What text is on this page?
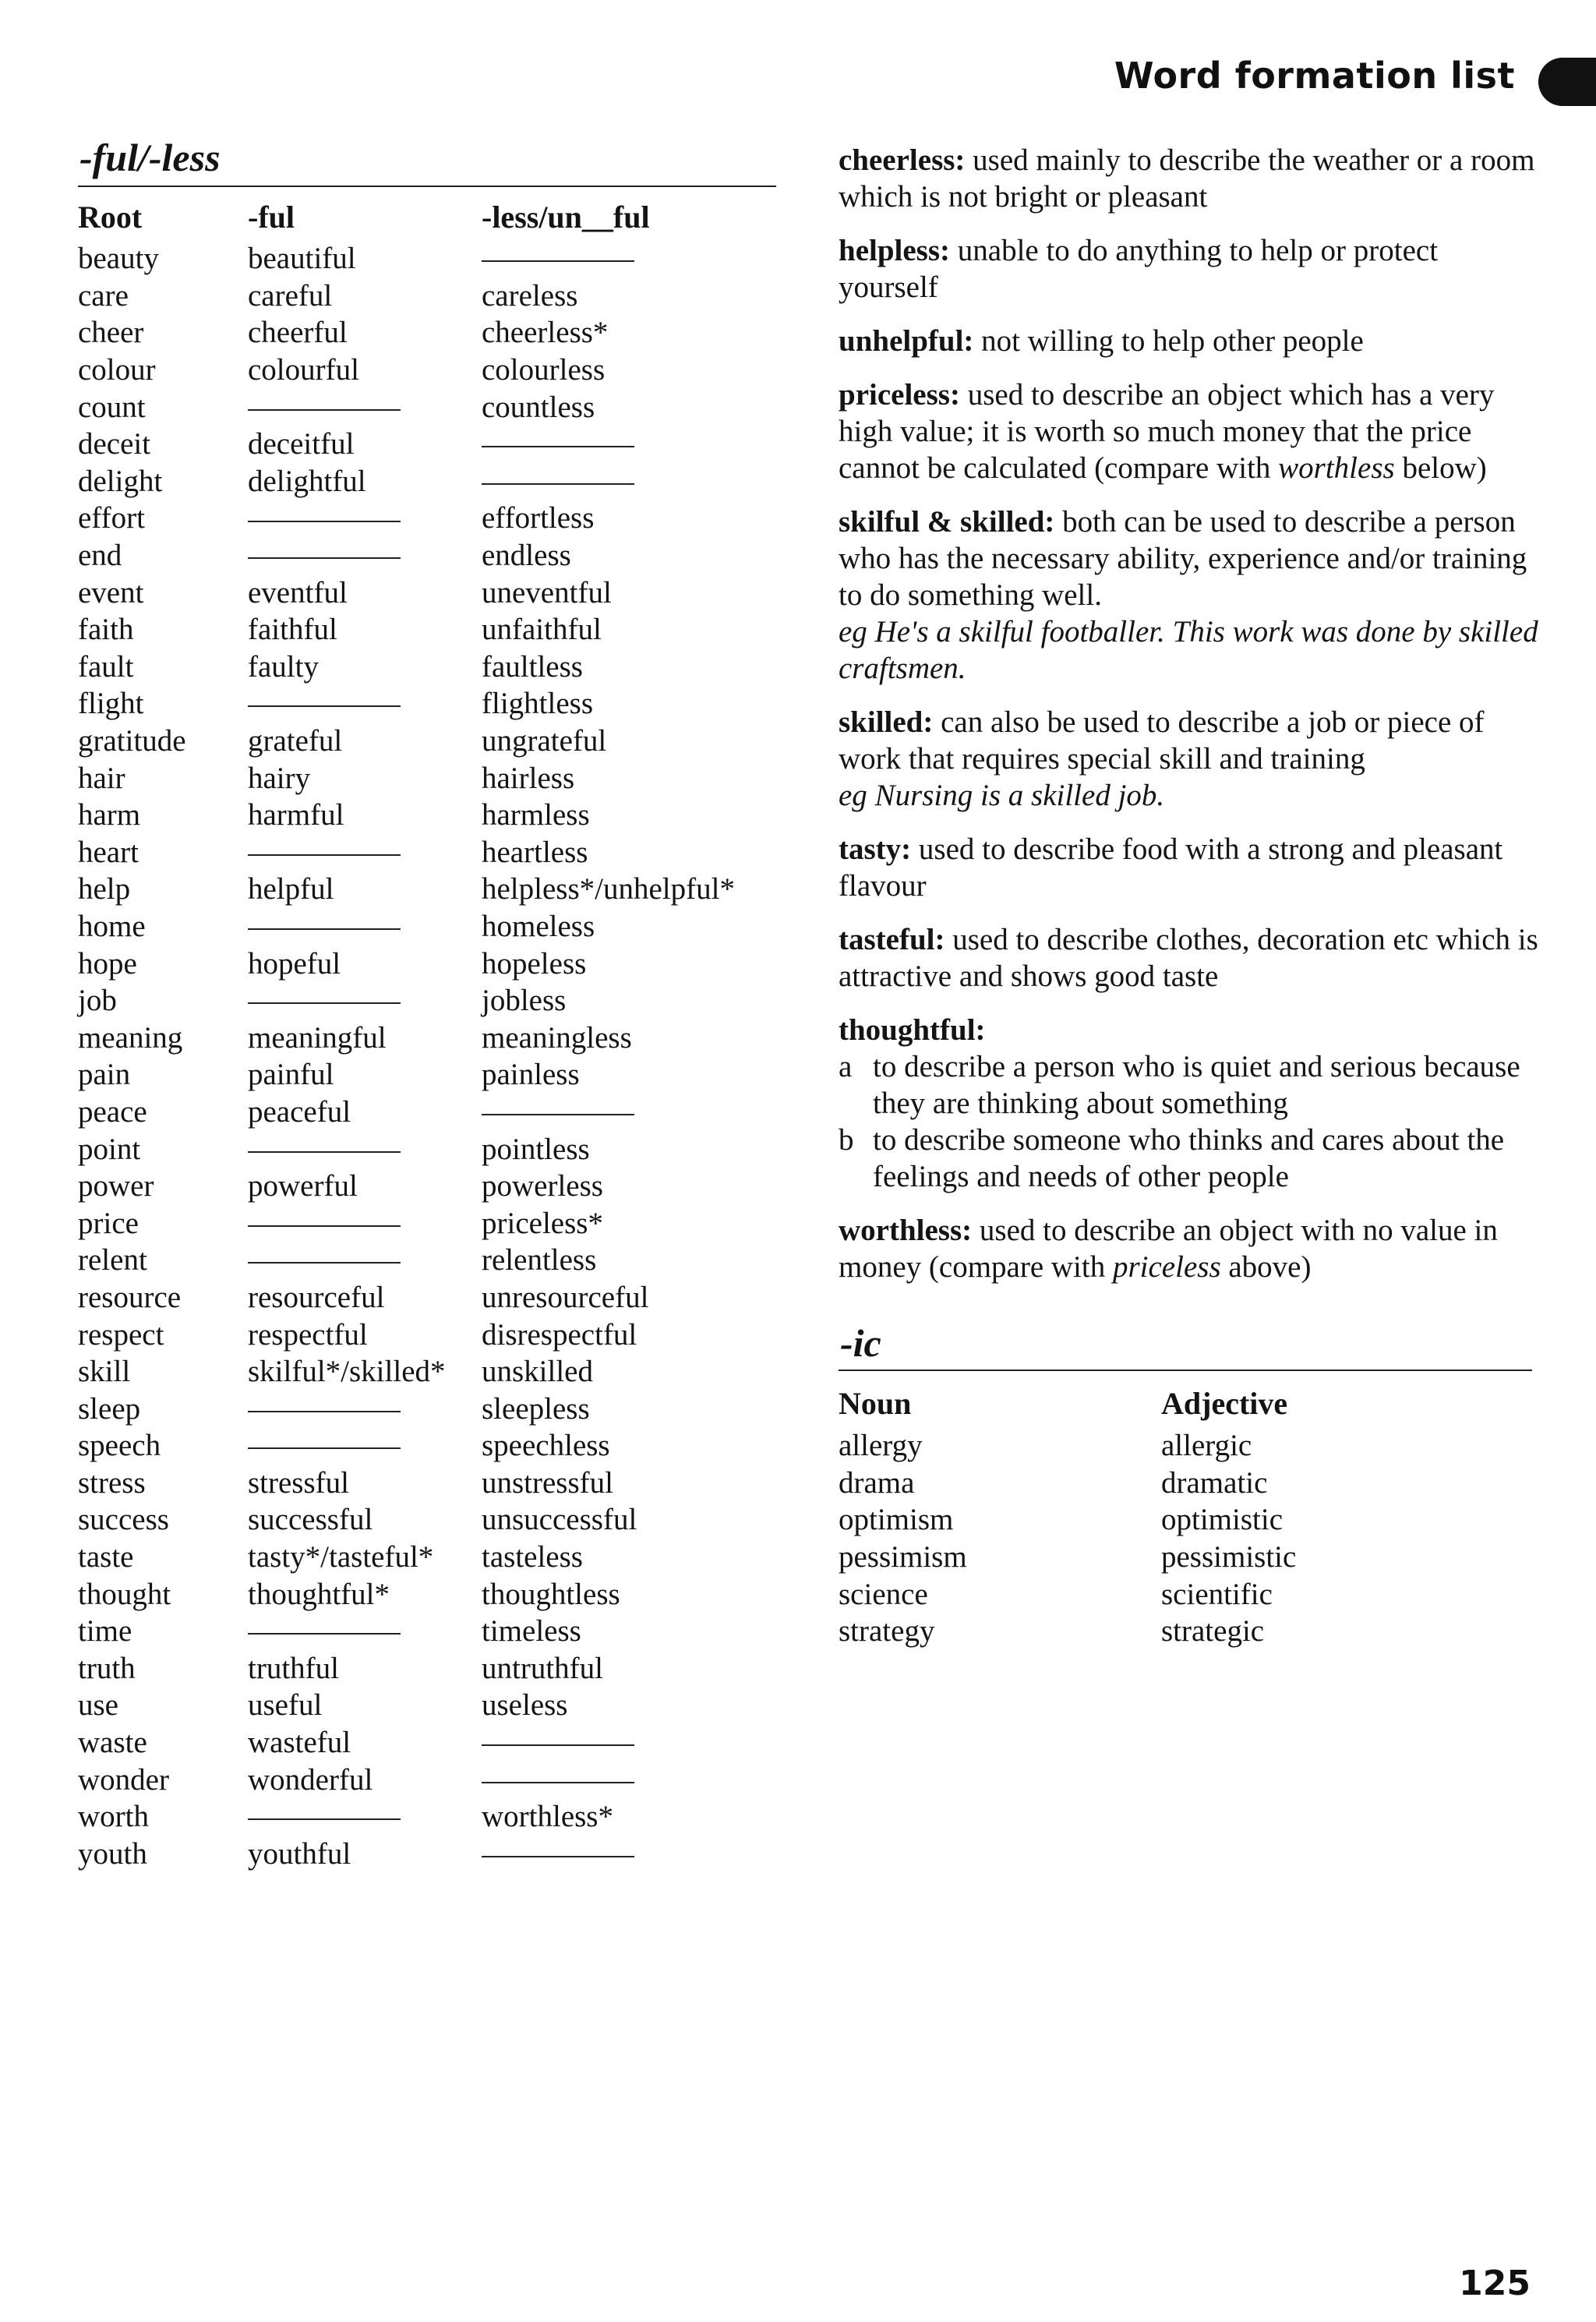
Word formation list
-ful/-less
Root	-ful	-less/un__ful
beauty	beautiful	
care	careful	careless
cheer	cheerful	cheerless*
colour	colourful	colourless
count		countless
deceit	deceitful	
delight	delightful	
effort		effortless
end		endless
event	eventful	uneventful
faith	faithful	unfaithful
fault	faulty	faultless
flight		flightless
gratitude	grateful	ungrateful
hair	hairy	hairless
harm	harmful	harmless
heart		heartless
help	helpful	helpless*/unhelpful*
home		homeless
hope	hopeful	hopeless
job		jobless
meaning	meaningful	meaningless
pain	painful	painless
peace	peaceful	
point		pointless
power	powerful	powerless
price		priceless*
relent		relentless
resource	resourceful	unresourceful
respect	respectful	disrespectful
skill	skilful*/skilled*	unskilled
sleep		sleepless
speech		speechless
stress	stressful	unstressful
success	successful	unsuccessful
taste	tasty*/tasteful*	tasteless
thought	thoughtful*	thoughtless
time		timeless
truth	truthful	untruthful
use	useful	useless
waste	wasteful	
wonder	wonderful	
worth		worthless*
youth	youthful	
cheerless: used mainly to describe the weather or a room which is not bright or pleasant
helpless: unable to do anything to help or protect yourself
unhelpful: not willing to help other people
priceless: used to describe an object which has a very high value; it is worth so much money that the price cannot be calculated (compare with worthless below)
skilful & skilled: both can be used to describe a person who has the necessary ability, experience and/or training to do something well.
eg He's a skilful footballer. This work was done by skilled craftsmen.
skilled: can also be used to describe a job or piece of work that requires special skill and training
eg Nursing is a skilled job.
tasty: used to describe food with a strong and pleasant flavour
tasteful: used to describe clothes, decoration etc which is attractive and shows good taste
thoughtful:
a to describe a person who is quiet and serious because they are thinking about something
b to describe someone who thinks and cares about the feelings and needs of other people
worthless: used to describe an object with no value in money (compare with priceless above)
-ic
Noun	Adjective
allergy	allergic
drama	dramatic
optimism	optimistic
pessimism	pessimistic
science	scientific
strategy	strategic
125
